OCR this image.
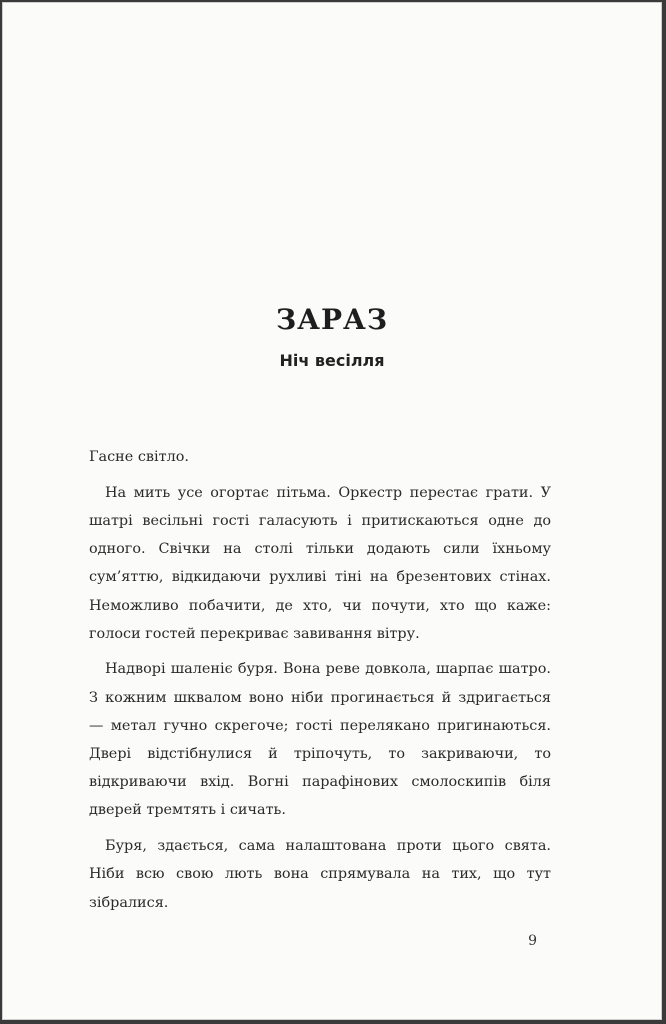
ЗАРАЗ
Ніч весілля

Гасне світло.

На мить усе огортає пітьма. Оркестр перестає грати. У шатрі весільні гості галасують і притискаються одне до одного. Свічки на столі тільки додають сили їхньому сум’яттю, відкидаючи рухливі тіні на брезентових стінах. Неможливо побачити, де хто, чи почути, хто що каже: голоси гостей перекриває завивання вітру.

Надворі шаленіє буря. Вона реве довкола, шарпає шатро. З кожним шквалом воно ніби прогинається й здригається — метал гучно скрегоче; гості перелякано пригинаються. Двері відстібнулися й тріпочуть, то закриваючи, то відкриваючи вхід. Вогні парафінових смолоскипів біля дверей тремтять і сичать.

Буря, здається, сама налаштована проти цього свята. Ніби всю свою лють вона спрямувала на тих, що тут зібралися.

9
